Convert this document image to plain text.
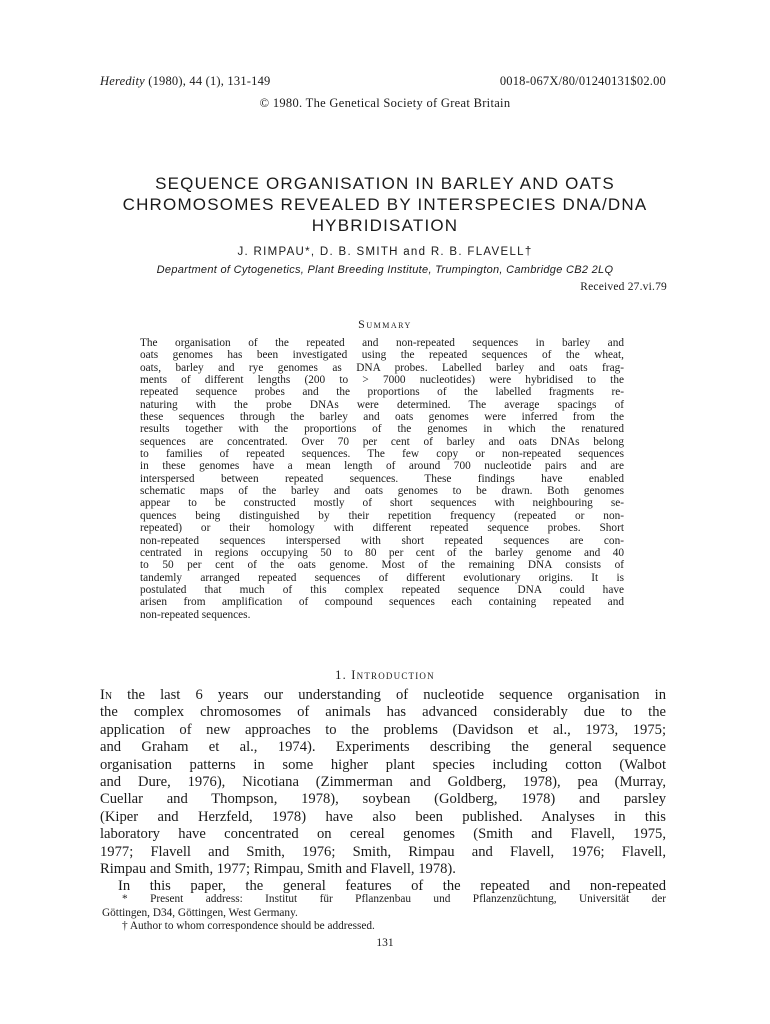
Heredity (1980), 44 (1), 131-149	0018-067X/80/01240131$02.00
© 1980. The Genetical Society of Great Britain
SEQUENCE ORGANISATION IN BARLEY AND OATS
CHROMOSOMES REVEALED BY INTERSPECIES DNA/DNA
HYBRIDISATION
J. RIMPAU*, D. B. SMITH and R. B. FLAVELL†
Department of Cytogenetics, Plant Breeding Institute, Trumpington, Cambridge CB2 2LQ
Received 27.vi.79
Summary
The organisation of the repeated and non-repeated sequences in barley and
oats genomes has been investigated using the repeated sequences of the wheat,
oats, barley and rye genomes as DNA probes. Labelled barley and oats frag-
ments of different lengths (200 to > 7000 nucleotides) were hybridised to the
repeated sequence probes and the proportions of the labelled fragments re-
naturing with the probe DNAs were determined. The average spacings of
these sequences through the barley and oats genomes were inferred from the
results together with the proportions of the genomes in which the renatured
sequences are concentrated. Over 70 per cent of barley and oats DNAs belong
to families of repeated sequences. The few copy or non-repeated sequences
in these genomes have a mean length of around 700 nucleotide pairs and are
interspersed between repeated sequences. These findings have enabled
schematic maps of the barley and oats genomes to be drawn. Both genomes
appear to be constructed mostly of short sequences with neighbouring se-
quences being distinguished by their repetition frequency (repeated or non-
repeated) or their homology with different repeated sequence probes. Short
non-repeated sequences interspersed with short repeated sequences are con-
centrated in regions occupying 50 to 80 per cent of the barley genome and 40
to 50 per cent of the oats genome. Most of the remaining DNA consists of
tandemly arranged repeated sequences of different evolutionary origins. It is
postulated that much of this complex repeated sequence DNA could have
arisen from amplification of compound sequences each containing repeated and
non-repeated sequences.
1. Introduction
In the last 6 years our understanding of nucleotide sequence organisation in
the complex chromosomes of animals has advanced considerably due to the
application of new approaches to the problems (Davidson et al., 1973, 1975;
and Graham et al., 1974). Experiments describing the general sequence
organisation patterns in some higher plant species including cotton (Walbot
and Dure, 1976), Nicotiana (Zimmerman and Goldberg, 1978), pea (Murray,
Cuellar and Thompson, 1978), soybean (Goldberg, 1978) and parsley
(Kiper and Herzfeld, 1978) have also been published. Analyses in this
laboratory have concentrated on cereal genomes (Smith and Flavell, 1975,
1977; Flavell and Smith, 1976; Smith, Rimpau and Flavell, 1976; Flavell,
Rimpau and Smith, 1977; Rimpau, Smith and Flavell, 1978).
In this paper, the general features of the repeated and non-repeated
* Present address: Institut für Pflanzenbau und Pflanzenzüchtung, Universität der
Göttingen, D34, Göttingen, West Germany.
† Author to whom correspondence should be addressed.
131
